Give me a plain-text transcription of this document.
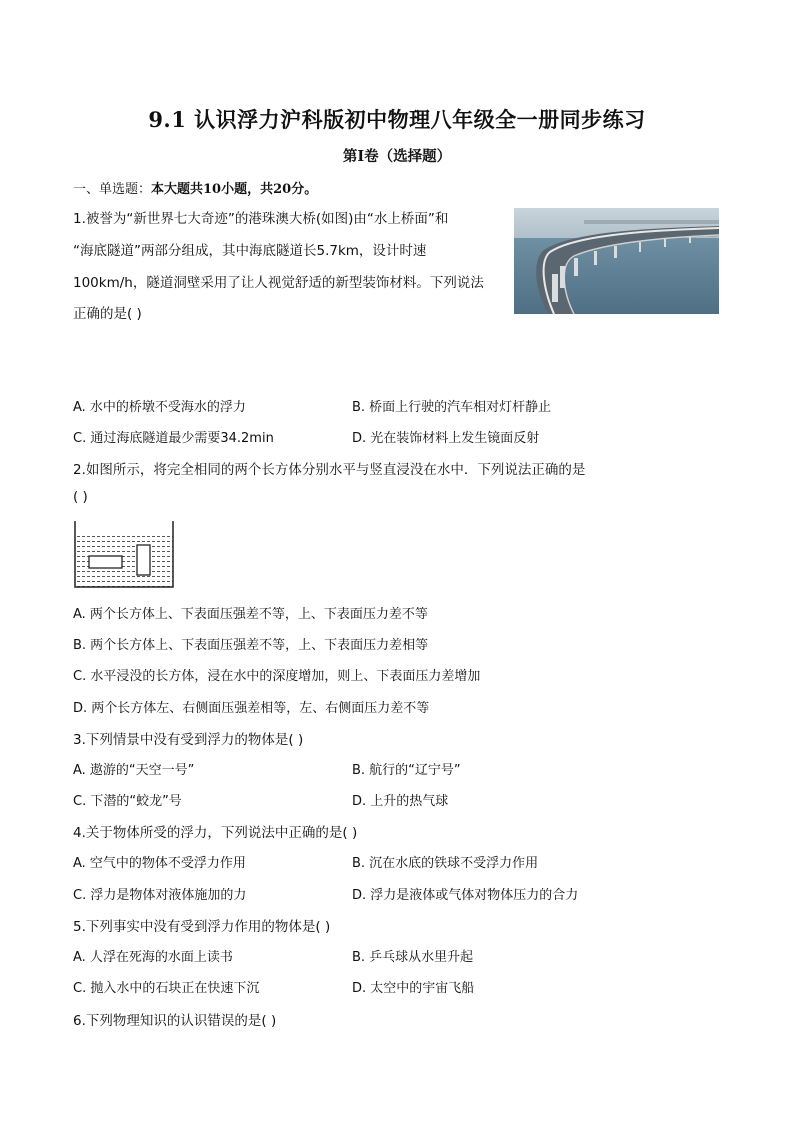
9.1 认识浮力沪科版初中物理八年级全一册同步练习
第I卷（选择题）
一、单选题：本大题共10小题，共20分。
1.被誉为“新世界七大奇迹”的港珠澳大桥(如图)由“水上桥面”和
“海底隧道”两部分组成，其中海底隧道长5.7km，设计时速
100km/h，隧道洞壁采用了让人视觉舒适的新型装饰材料。下列说法
正确的是( )
A. 水中的桥墩不受海水的浮力	B. 桥面上行驶的汽车相对灯杆静止
C. 通过海底隧道最少需要34.2min	D. 光在装饰材料上发生镜面反射
2.如图所示，将完全相同的两个长方体分别水平与竖直浸没在水中．下列说法正确的是
( )
A. 两个长方体上、下表面压强差不等，上、下表面压力差不等
B. 两个长方体上、下表面压强差不等，上、下表面压力差相等
C. 水平浸没的长方体，浸在水中的深度增加，则上、下表面压力差增加
D. 两个长方体左、右侧面压强差相等，左、右侧面压力差不等
3.下列情景中没有受到浮力的物体是( )
A. 遨游的“天空一号”	B. 航行的“辽宁号”
C. 下潜的“蛟龙”号	D. 上升的热气球
4.关于物体所受的浮力，下列说法中正确的是( )
A. 空气中的物体不受浮力作用	B. 沉在水底的铁球不受浮力作用
C. 浮力是物体对液体施加的力	D. 浮力是液体或气体对物体压力的合力
5.下列事实中没有受到浮力作用的物体是( )
A. 人浮在死海的水面上读书	B. 乒乓球从水里升起
C. 抛入水中的石块正在快速下沉	D. 太空中的宇宙飞船
6.下列物理知识的认识错误的是( )
